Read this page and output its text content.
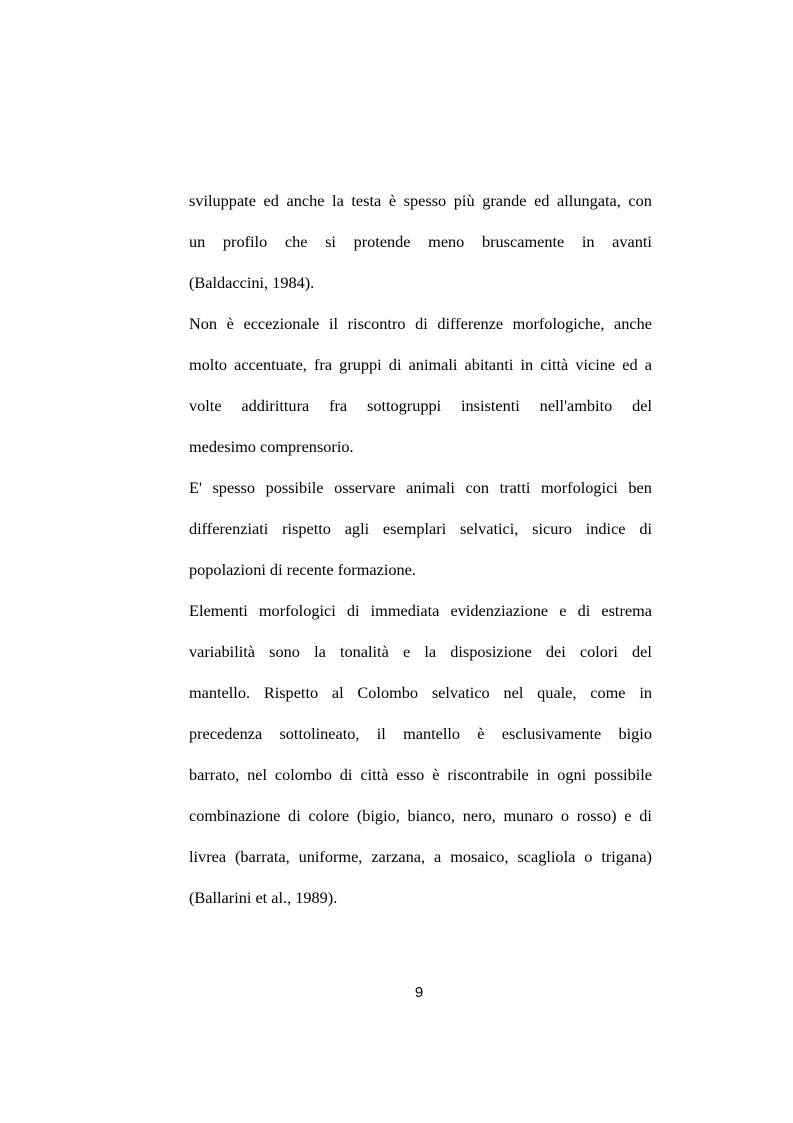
sviluppate ed anche la testa è spesso più grande ed allungata, con
un profilo che si protende meno bruscamente in avanti
(Baldaccini, 1984).
Non è eccezionale il riscontro di differenze morfologiche, anche
molto accentuate, fra gruppi di animali abitanti in città vicine ed a
volte addirittura fra sottogruppi insistenti nell'ambito del
medesimo comprensorio.
E' spesso possibile osservare animali con tratti morfologici ben
differenziati rispetto agli esemplari selvatici, sicuro indice di
popolazioni di recente formazione.
Elementi morfologici di immediata evidenziazione e di estrema
variabilità sono la tonalità e la disposizione dei colori del
mantello. Rispetto al Colombo selvatico nel quale, come in
precedenza sottolineato, il mantello è esclusivamente bigio
barrato, nel colombo di città esso è riscontrabile in ogni possibile
combinazione di colore (bigio, bianco, nero, munaro o rosso) e di
livrea (barrata, uniforme, zarzana, a mosaico, scagliola o trigana)
(Ballarini et al., 1989).
9
